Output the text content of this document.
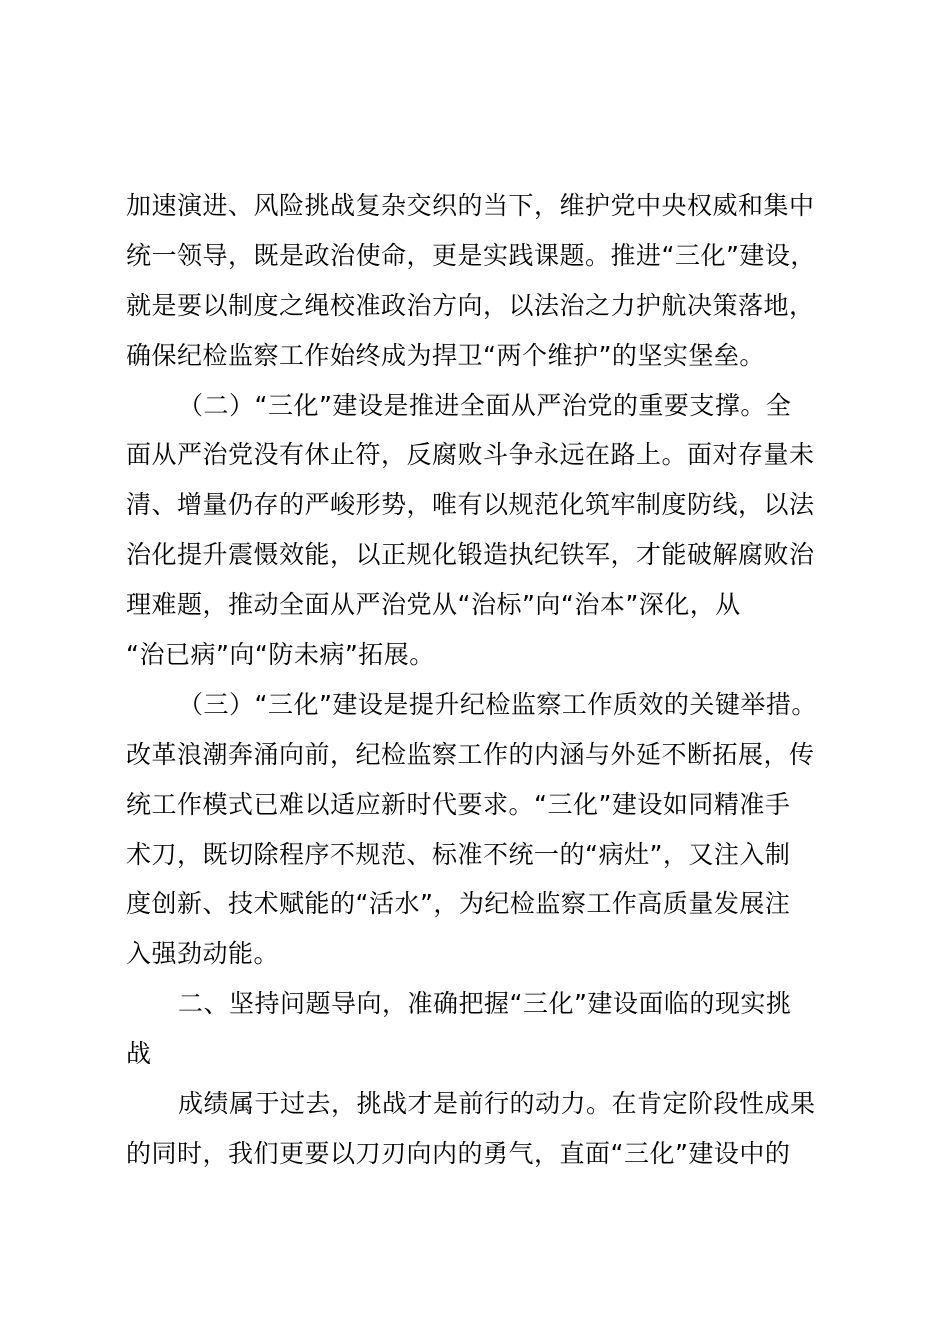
加速演进、风险挑战复杂交织的当下，维护党中央权威和集中
统一领导，既是政治使命，更是实践课题。推进“三化”建设，
就是要以制度之绳校准政治方向，以法治之力护航决策落地，
确保纪检监察工作始终成为捍卫“两个维护”的坚实堡垒。
（二）“三化”建设是推进全面从严治党的重要支撑。全
面从严治党没有休止符，反腐败斗争永远在路上。面对存量未
清、增量仍存的严峻形势，唯有以规范化筑牢制度防线，以法
治化提升震慑效能，以正规化锻造执纪铁军，才能破解腐败治
理难题，推动全面从严治党从“治标”向“治本”深化，从
“治已病”向“防未病”拓展。
（三）“三化”建设是提升纪检监察工作质效的关键举措。
改革浪潮奔涌向前，纪检监察工作的内涵与外延不断拓展，传
统工作模式已难以适应新时代要求。“三化”建设如同精准手
术刀，既切除程序不规范、标准不统一的“病灶”，又注入制
度创新、技术赋能的“活水”，为纪检监察工作高质量发展注
入强劲动能。
二、坚持问题导向，准确把握“三化”建设面临的现实挑
战
成绩属于过去，挑战才是前行的动力。在肯定阶段性成果
的同时，我们更要以刀刃向内的勇气，直面“三化”建设中的
